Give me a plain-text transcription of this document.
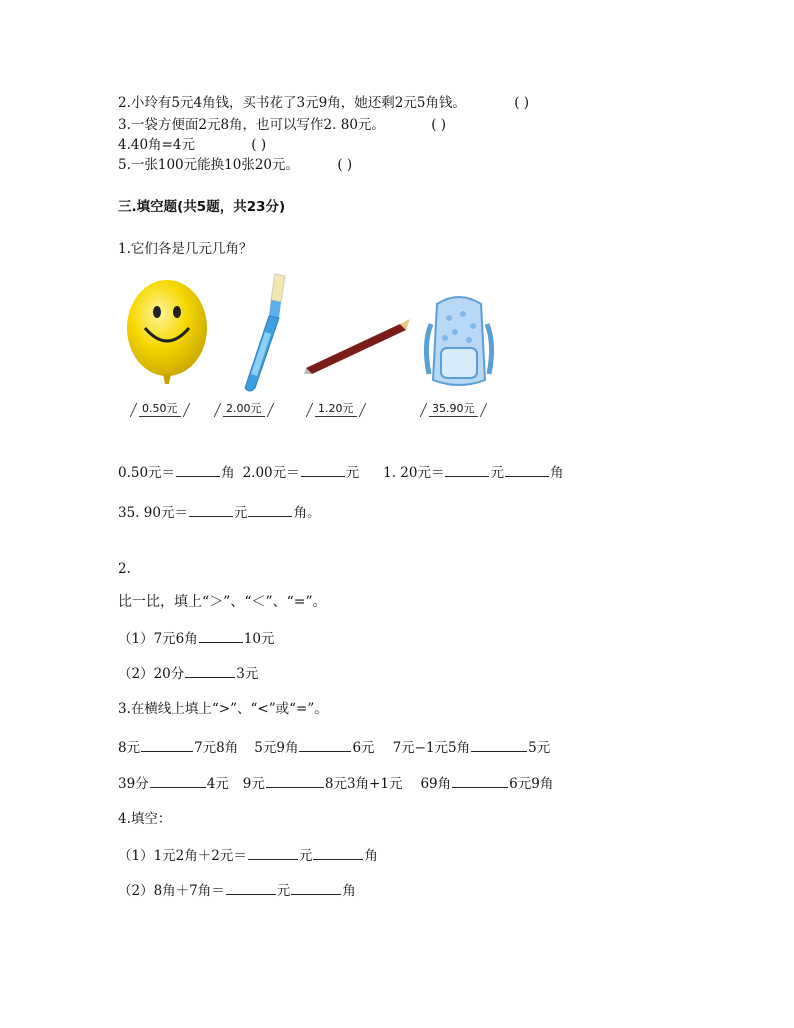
2.小玲有5元4角钱，买书花了3元9角，她还剩2元5角钱。	( )
3.一袋方便面2元8角，也可以写作2. 80元。	( )
4.40角=4元	( )
5.一张100元能换10张20元。	( )
三.填空题(共5题，共23分)
1.它们各是几元几角？
0.50元	2.00元	1.20元	35.90元
0.50元＝	角 2.00元＝	元 1. 20元＝	元	角
35. 90元＝	元	角。
2.
比一比，填上“＞”、“＜”、“=”。
（1）7元6角	10元
（2）20分	3元
3.在横线上填上“>”、“<”或“=”。
8元	7元8角 5元9角	6元 7元−1元5角	5元
39分	4元 9元	8元3角+1元 69角	6元9角
4.填空：
（1）1元2角＋2元＝	元	角
（2）8角＋7角＝	元	角
